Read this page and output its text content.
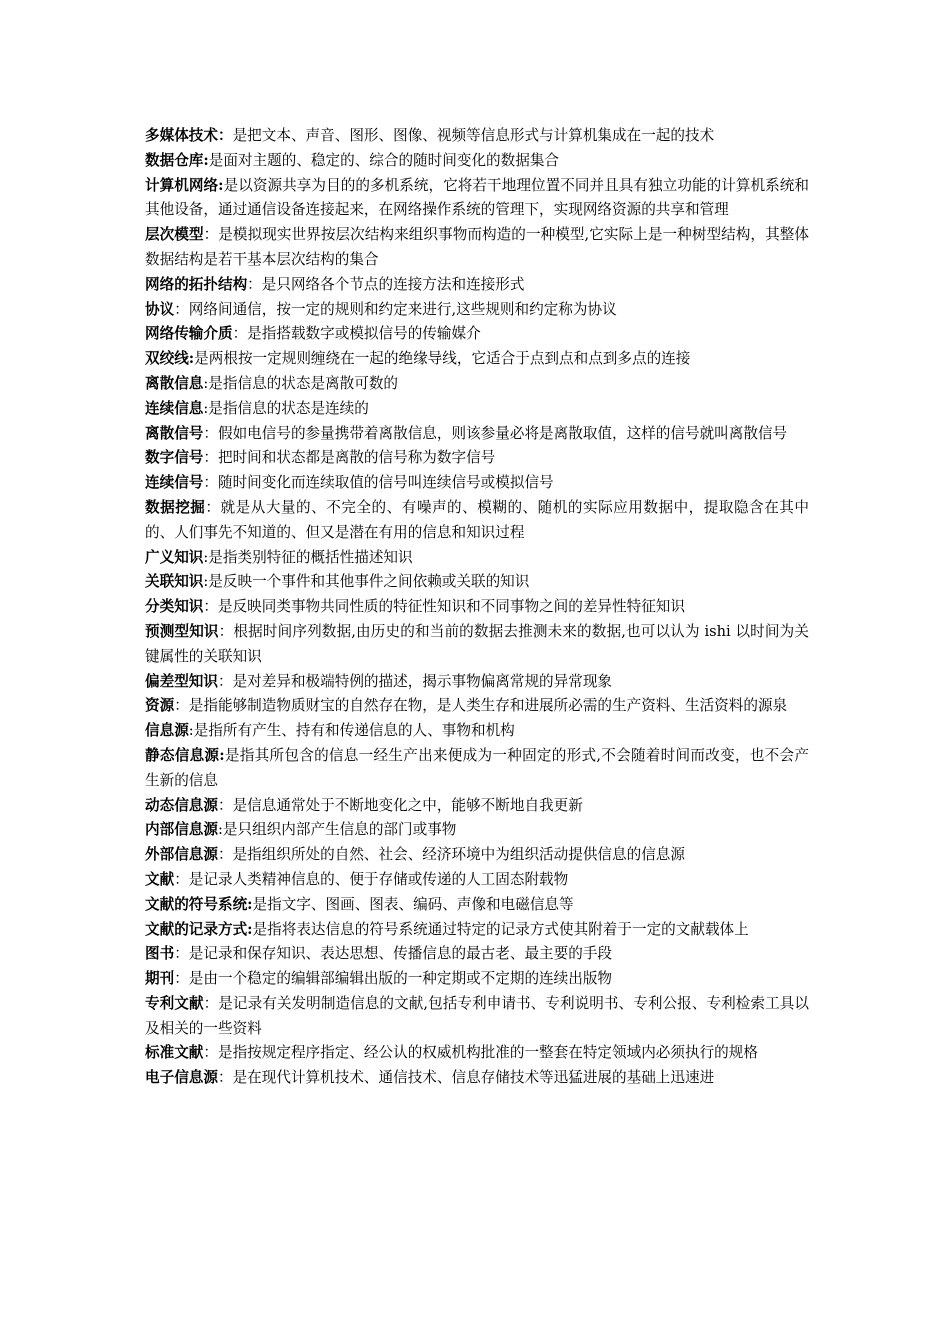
多媒体技术：是把文本、声音、图形、图像、视频等信息形式与计算机集成在一起的技术

数据仓库:是面对主题的、稳定的、综合的随时间变化的数据集合

计算机网络:是以资源共享为目的的多机系统，它将若干地理位置不同并且具有独立功能的计算机系统和其他设备，通过通信设备连接起来，在网络操作系统的管理下，实现网络资源的共享和管理

层次模型：是模拟现实世界按层次结构来组织事物而构造的一种模型,它实际上是一种树型结构，其整体数据结构是若干基本层次结构的集合

网络的拓扑结构：是只网络各个节点的连接方法和连接形式

协议：网络间通信，按一定的规则和约定来进行,这些规则和约定称为协议

网络传输介质：是指搭载数字或模拟信号的传输媒介

双绞线:是两根按一定规则缠绕在一起的绝缘导线，它适合于点到点和点到多点的连接

离散信息:是指信息的状态是离散可数的

连续信息:是指信息的状态是连续的

离散信号：假如电信号的参量携带着离散信息，则该参量必将是离散取值，这样的信号就叫离散信号

数字信号：把时间和状态都是离散的信号称为数字信号

连续信号：随时间变化而连续取值的信号叫连续信号或模拟信号

数据挖掘：就是从大量的、不完全的、有噪声的、模糊的、随机的实际应用数据中，提取隐含在其中的、人们事先不知道的、但又是潜在有用的信息和知识过程

广义知识:是指类别特征的概括性描述知识

关联知识:是反映一个事件和其他事件之间依赖或关联的知识

分类知识：是反映同类事物共同性质的特征性知识和不同事物之间的差异性特征知识

预测型知识：根据时间序列数据,由历史的和当前的数据去推测未来的数据,也可以认为 ishi 以时间为关键属性的关联知识

偏差型知识：是对差异和极端特例的描述，揭示事物偏离常规的异常现象

资源：是指能够制造物质财宝的自然存在物，是人类生存和进展所必需的生产资料、生活资料的源泉

信息源:是指所有产生、持有和传递信息的人、事物和机构

静态信息源:是指其所包含的信息一经生产出来便成为一种固定的形式,不会随着时间而改变，也不会产生新的信息

动态信息源：是信息通常处于不断地变化之中，能够不断地自我更新

内部信息源:是只组织内部产生信息的部门或事物

外部信息源：是指组织所处的自然、社会、经济环境中为组织活动提供信息的信息源

文献：是记录人类精神信息的、便于存储或传递的人工固态附载物

文献的符号系统:是指文字、图画、图表、编码、声像和电磁信息等

文献的记录方式:是指将表达信息的符号系统通过特定的记录方式使其附着于一定的文献载体上

图书：是记录和保存知识、表达思想、传播信息的最古老、最主要的手段

期刊：是由一个稳定的编辑部编辑出版的一种定期或不定期的连续出版物

专利文献：是记录有关发明制造信息的文献,包括专利申请书、专利说明书、专利公报、专利检索工具以及相关的一些资料

标准文献：是指按规定程序指定、经公认的权威机构批准的一整套在特定领域内必须执行的规格

电子信息源：是在现代计算机技术、通信技术、信息存储技术等迅猛进展的基础上迅速进
